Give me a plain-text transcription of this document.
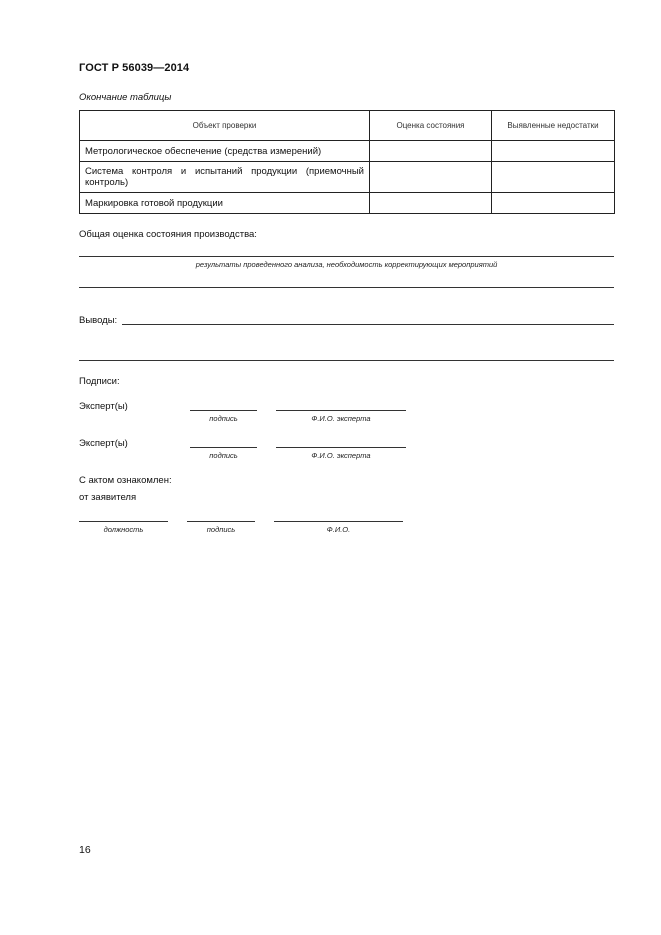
ГОСТ Р 56039—2014
Окончание таблицы
Объект проверки	Оценка состояния	Выявленные недостатки
Метрологическое обеспечение (средства измерений)		
Система контроля и испытаний продукции (приемочный контроль)		
Маркировка готовой продукции		
Общая оценка состояния производства:
результаты проведенного анализа, необходимость корректирующих мероприятий
Выводы:
Подписи:
Эксперт(ы)
подпись	Ф.И.О. эксперта
Эксперт(ы)
подпись	Ф.И.О. эксперта
С актом ознакомлен:
от заявителя
должность	подпись	Ф.И.О.
16
